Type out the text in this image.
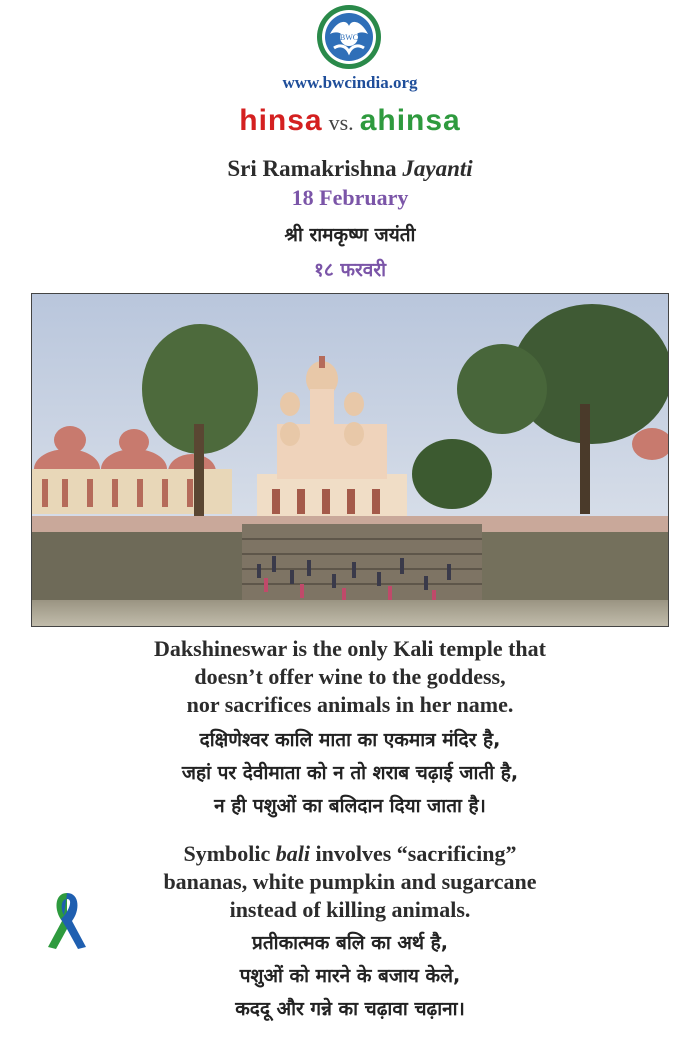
BWC
www.bwcindia.org
hinsa vs. ahinsa
Sri Ramakrishna Jayanti
18 February
श्री रामकृष्ण जयंती
१८ फरवरी
Dakshineswar is the only Kali temple that
doesn’t offer wine to the goddess,
nor sacrifices animals in her name.
दक्षिणेश्वर कालि माता का एकमात्र मंदिर है,
जहां पर देवीमाता को न तो शराब चढ़ाई जाती है,
न ही पशुओं का बलिदान दिया जाता है।
Symbolic bali involves “sacrificing”
bananas, white pumpkin and sugarcane
instead of killing animals.
प्रतीकात्मक बलि का अर्थ है,
पशुओं को मारने के बजाय केले,
कददू और गन्ने का चढ़ावा चढ़ाना।
